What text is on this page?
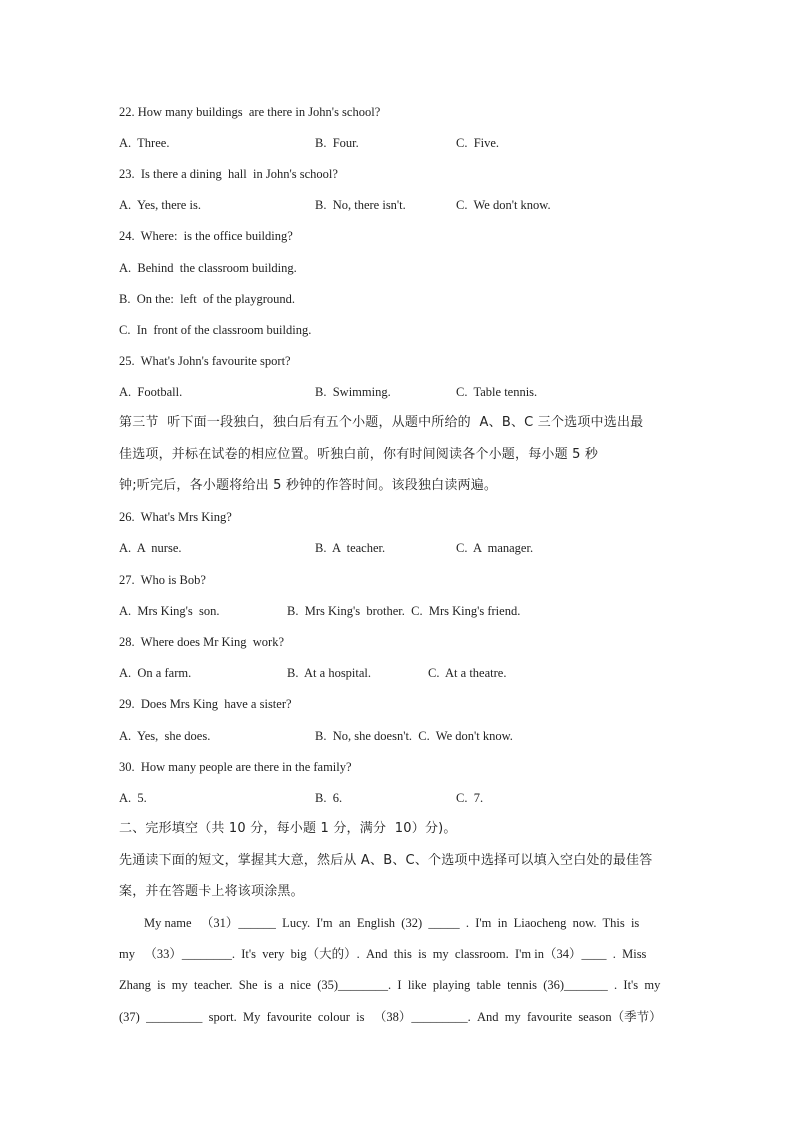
22. How many buildings  are there in John's school?
A.  Three.	B.  Four.	C.  Five.
23.  Is there a dining  hall  in John's school?
A.  Yes, there is.	B.  No, there isn't.	C.  We don't know.
24.  Where:  is the office building?
A.  Behind  the classroom building.
B.  On the:  left  of the playground.
C.  In  front of the classroom building.
25.  What's John's favourite sport?
A.  Football.	B.  Swimming.	C.  Table tennis.
第三节  听下面一段独白，独白后有五个小题，从题中所给的  A、B、C 三个选项中选出最
佳选项，并标在试卷的相应位置。听独白前，你有时间阅读各个小题，每小题 5 秒
钟;听完后，各小题将给出 5 秒钟的作答时间。该段独白读两遍。
26.  What's Mrs King?
A.  A  nurse.	B.  A  teacher.	C.  A  manager.
27.  Who is Bob?
A.  Mrs King's  son.	B.  Mrs King's  brother.  C.  Mrs King's friend.
28.  Where does Mr King  work?
A.  On a farm.	B.  At a hospital.	C.  At a theatre.
29.  Does Mrs King  have a sister?
A.  Yes,  she does.	B.  No, she doesn't.  C.  We don't know.
30.  How many people are there in the family?
A.  5.	B.  6.	C.  7.
二、完形填空（共 10 分，每小题 1 分，满分  10）分)。
先通读下面的短文，掌握其大意，然后从 A、B、C、个选项中选择可以填入空白处的最佳答
案，并在答题卡上将该项涂黑。
My name   （31）______  Lucy.  I'm  an  English  (32)  _____  .  I'm  in  Liaocheng  now.  This  is
my   （33）________.  It's  very  big（大的）.  And  this  is  my  classroom.  I'm in（34）____  .  Miss
Zhang  is  my  teacher.  She  is  a  nice  (35)________.  I  like  playing  table  tennis  (36)_______  .  It's  my
(37)  _________  sport.  My  favourite  colour  is   （38）_________.  And  my  favourite  season（季节）
